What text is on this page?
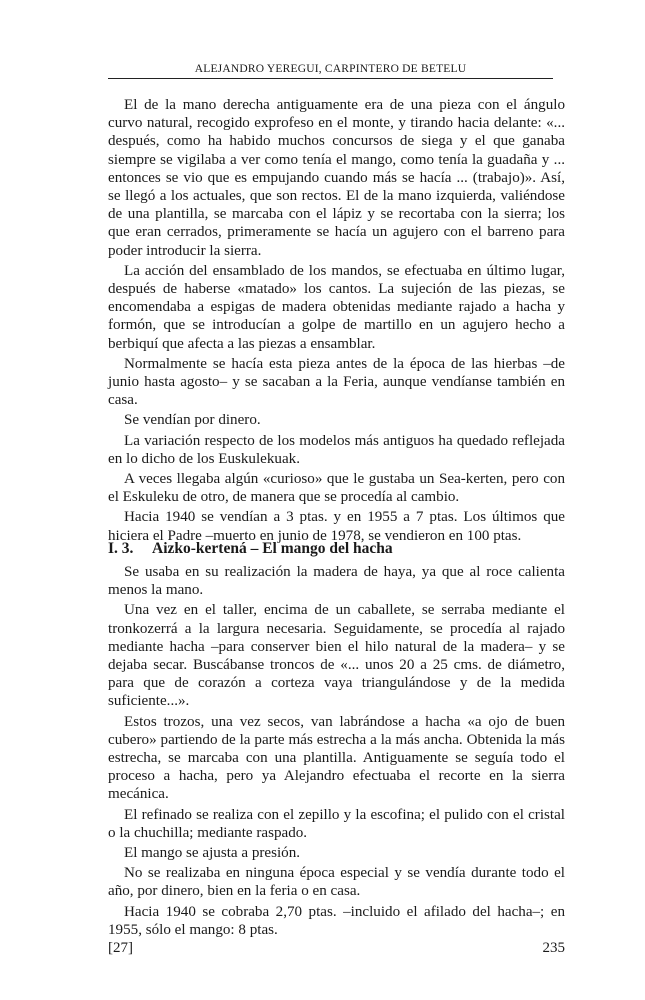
ALEJANDRO YEREGUI, CARPINTERO DE BETELU

El de la mano derecha antiguamente era de una pieza con el ángulo curvo natural, recogido exprofeso en el monte, y tirando hacia delante: «... después, como ha habido muchos concursos de siega y el que ganaba siempre se vigilaba a ver como tenía el mango, como tenía la guadaña y ... entonces se vio que es empujando cuando más se hacía ... (trabajo)». Así, se llegó a los actuales, que son rectos. El de la mano izquierda, valiéndose de una plantilla, se marcaba con el lápiz y se recortaba con la sierra; los que eran cerrados, primeramente se hacía un agujero con el barreno para poder introducir la sierra.

La acción del ensamblado de los mandos, se efectuaba en último lugar, después de haberse «matado» los cantos. La sujeción de las piezas, se encomendaba a espigas de madera obtenidas mediante rajado a hacha y formón, que se introducían a golpe de martillo en un agujero hecho a berbiquí que afecta a las piezas a ensamblar.

Normalmente se hacía esta pieza antes de la época de las hierbas –de junio hasta agosto– y se sacaban a la Feria, aunque vendíanse también en casa.

Se vendían por dinero.

La variación respecto de los modelos más antiguos ha quedado reflejada en lo dicho de los Euskulekuak.

A veces llegaba algún «curioso» que le gustaba un Sea-kerten, pero con el Eskuleku de otro, de manera que se procedía al cambio.

Hacia 1940 se vendían a 3 ptas. y en 1955 a 7 ptas. Los últimos que hiciera el Padre –muerto en junio de 1978, se vendieron en 100 ptas.

I. 3. Aizko-kertená – El mango del hacha

Se usaba en su realización la madera de haya, ya que al roce calienta menos la mano.

Una vez en el taller, encima de un caballete, se serraba mediante el tronkozerrá a la largura necesaria. Seguidamente, se procedía al rajado mediante hacha –para conserver bien el hilo natural de la madera– y se dejaba secar. Buscábanse troncos de «... unos 20 a 25 cms. de diámetro, para que de corazón a corteza vaya triangulándose y de la medida suficiente...».

Estos trozos, una vez secos, van labrándose a hacha «a ojo de buen cubero» partiendo de la parte más estrecha a la más ancha. Obtenida la más estrecha, se marcaba con una plantilla. Antiguamente se seguía todo el proceso a hacha, pero ya Alejandro efectuaba el recorte en la sierra mecánica.

El refinado se realiza con el zepillo y la escofina; el pulido con el cristal o la chuchilla; mediante raspado.

El mango se ajusta a presión.

No se realizaba en ninguna época especial y se vendía durante todo el año, por dinero, bien en la feria o en casa.

Hacia 1940 se cobraba 2,70 ptas. –incluido el afilado del hacha–; en 1955, sólo el mango: 8 ptas.

[27]	235
